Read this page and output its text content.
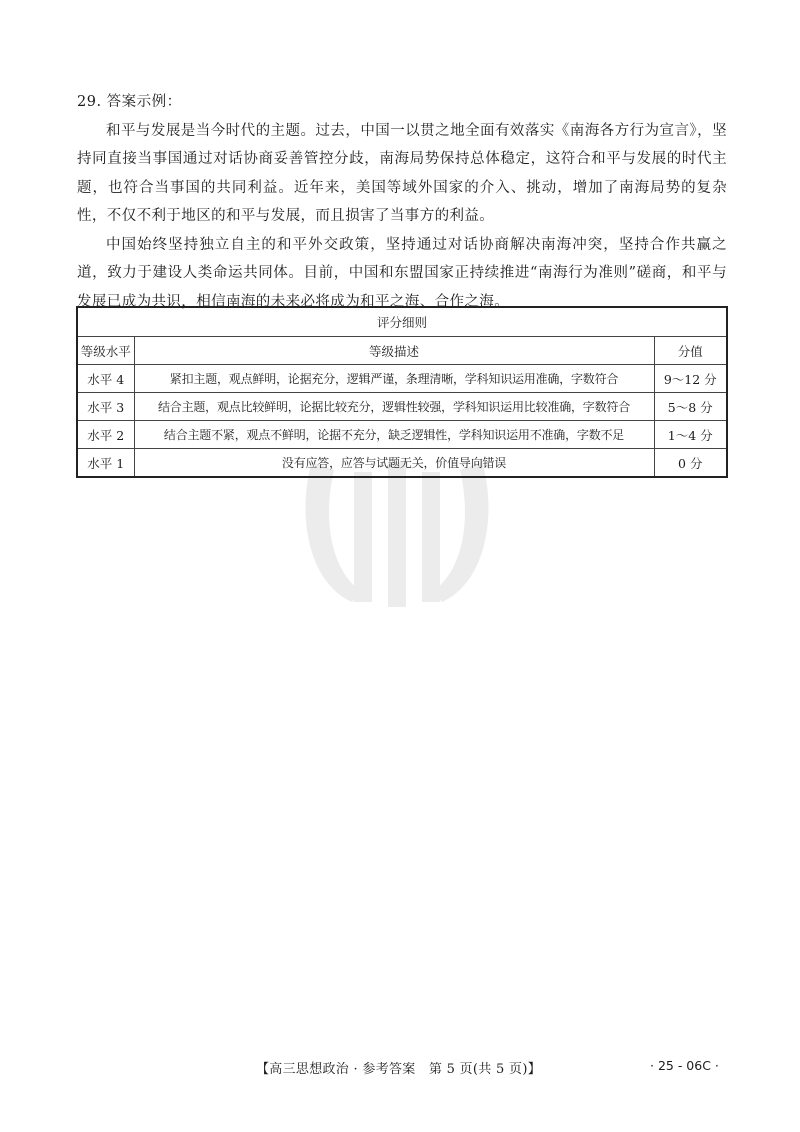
29. 答案示例：

和平与发展是当今时代的主题。过去，中国一以贯之地全面有效落实《南海各方行为宣言》，坚持同直接当事国通过对话协商妥善管控分歧，南海局势保持总体稳定，这符合和平与发展的时代主题，也符合当事国的共同利益。近年来，美国等域外国家的介入、挑动，增加了南海局势的复杂性，不仅不利于地区的和平与发展，而且损害了当事方的利益。

中国始终坚持独立自主的和平外交政策，坚持通过对话协商解决南海冲突，坚持合作共赢之道，致力于建设人类命运共同体。目前，中国和东盟国家正持续推进“南海行为准则”磋商，和平与发展已成为共识，相信南海的未来必将成为和平之海、合作之海。

评分细则		
等级水平	等级描述	分值
水平 4	紧扣主题，观点鲜明，论据充分，逻辑严谨，条理清晰，学科知识运用准确，字数符合	9～12 分
水平 3	结合主题，观点比较鲜明，论据比较充分，逻辑性较强，学科知识运用比较准确，字数符合	5～8 分
水平 2	结合主题不紧，观点不鲜明，论据不充分，缺乏逻辑性，学科知识运用不准确，字数不足	1～4 分
水平 1	没有应答，应答与试题无关，价值导向错误	0 分
【高三思想政治 · 参考答案　第 5 页(共 5 页)】	· 25 - 06C ·
